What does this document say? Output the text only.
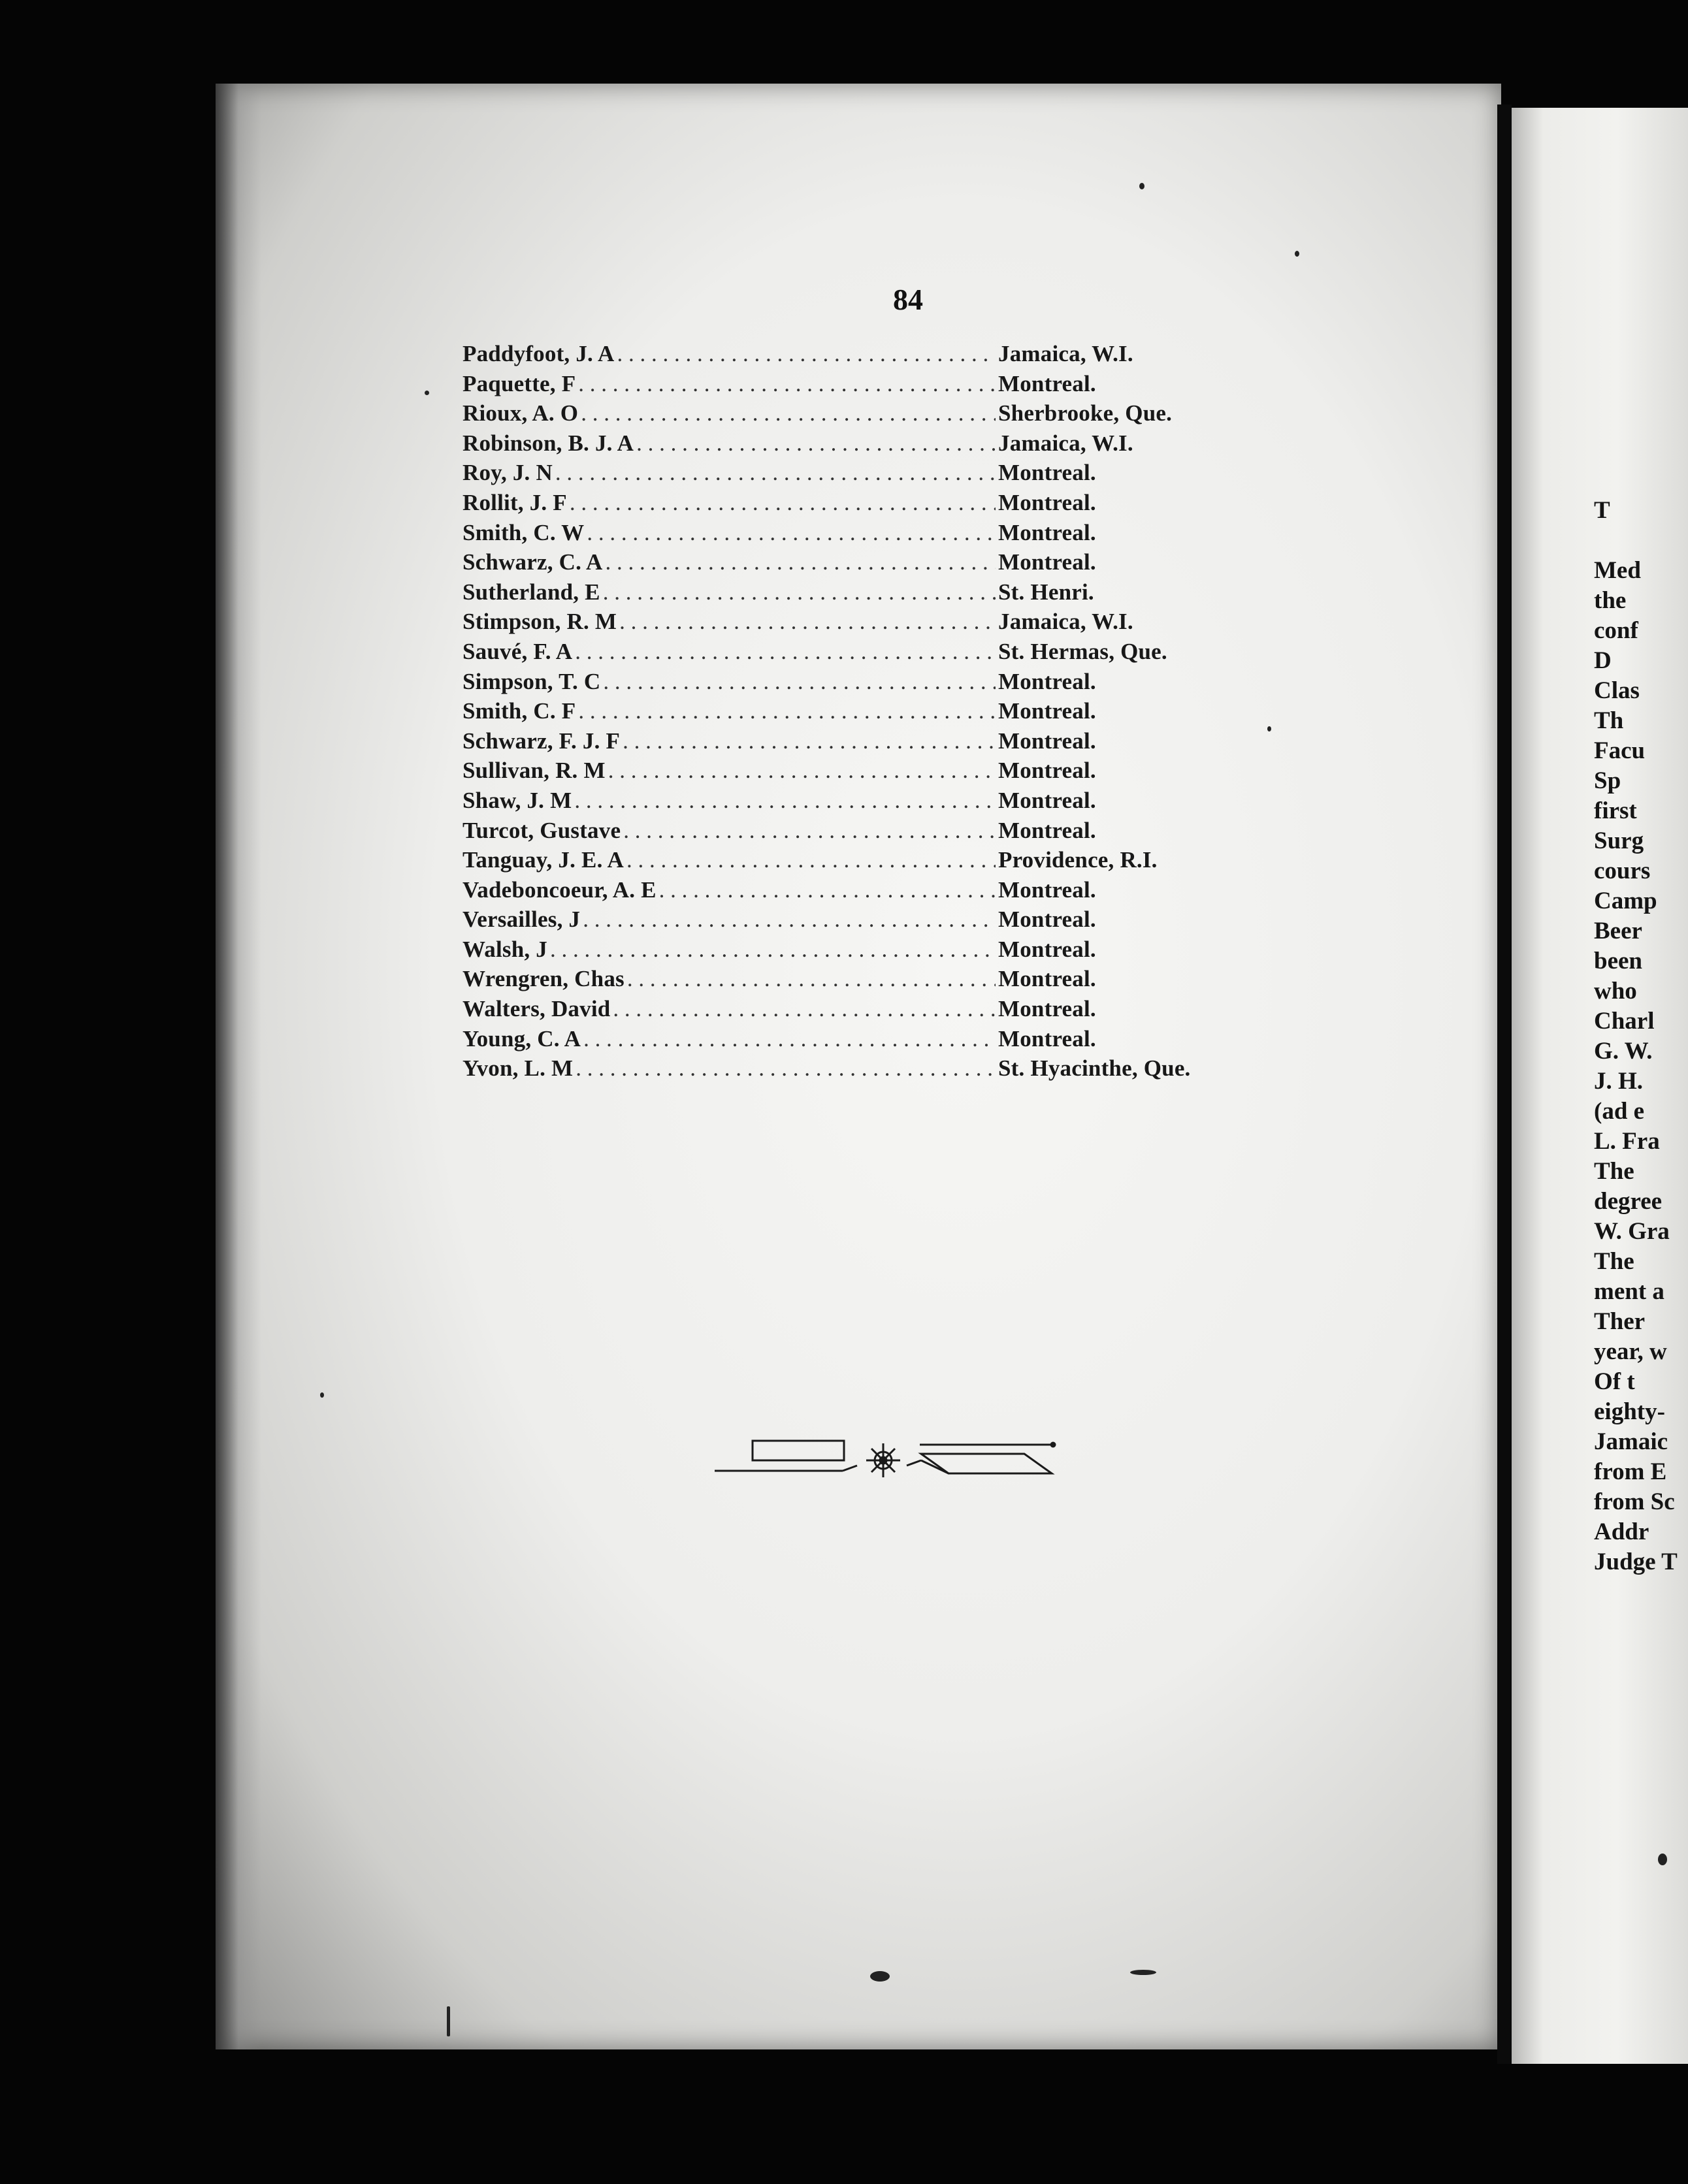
84
Paddyfoot, J. A . . .	Jamaica, W.I.
Paquette, F . . .	Montreal.
Rioux, A. O . . .	Sherbrooke, Que.
Robinson, B. J. A . . .	Jamaica, W.I.
Roy, J. N . . .	Montreal.
Rollit, J. F . . .	Montreal.
Smith, C. W . . .	Montreal.
Schwarz, C. A . . .	Montreal.
Sutherland, E . . .	St. Henri.
Stimpson, R. M . . .	Jamaica, W.I.
Sauvé, F. A . . .	St. Hermas, Que.
Simpson, T. C . . .	Montreal.
Smith, C. F . . .	Montreal.
Schwarz, F. J. F . . .	Montreal.
Sullivan, R. M . . .	Montreal.
Shaw, J. M . . .	Montreal.
Turcot, Gustave . . .	Montreal.
Tanguay, J. E. A . . .	Providence, R.I.
Vadeboncoeur, A. E . . .	Montreal.
Versailles, J . . .	Montreal.
Walsh, J . . .	Montreal.
Wrengren, Chas . . .	Montreal.
Walters, David . . .	Montreal.
Young, C. A . . .	Montreal.
Yvon, L. M . . .	St. Hyacinthe, Que.
T
Med
the
conf
D
Clas
Th
Facu
Sp
first
Surg
cours
Camp
Beer
been
who
Charl
G. W.
J. H.
(ad e
L. Fra
The
degree
W. Gra
The
ment a
Ther
year, w
Of t
eighty-
Jamaic
from E
from Sc
Addr
Judge T
